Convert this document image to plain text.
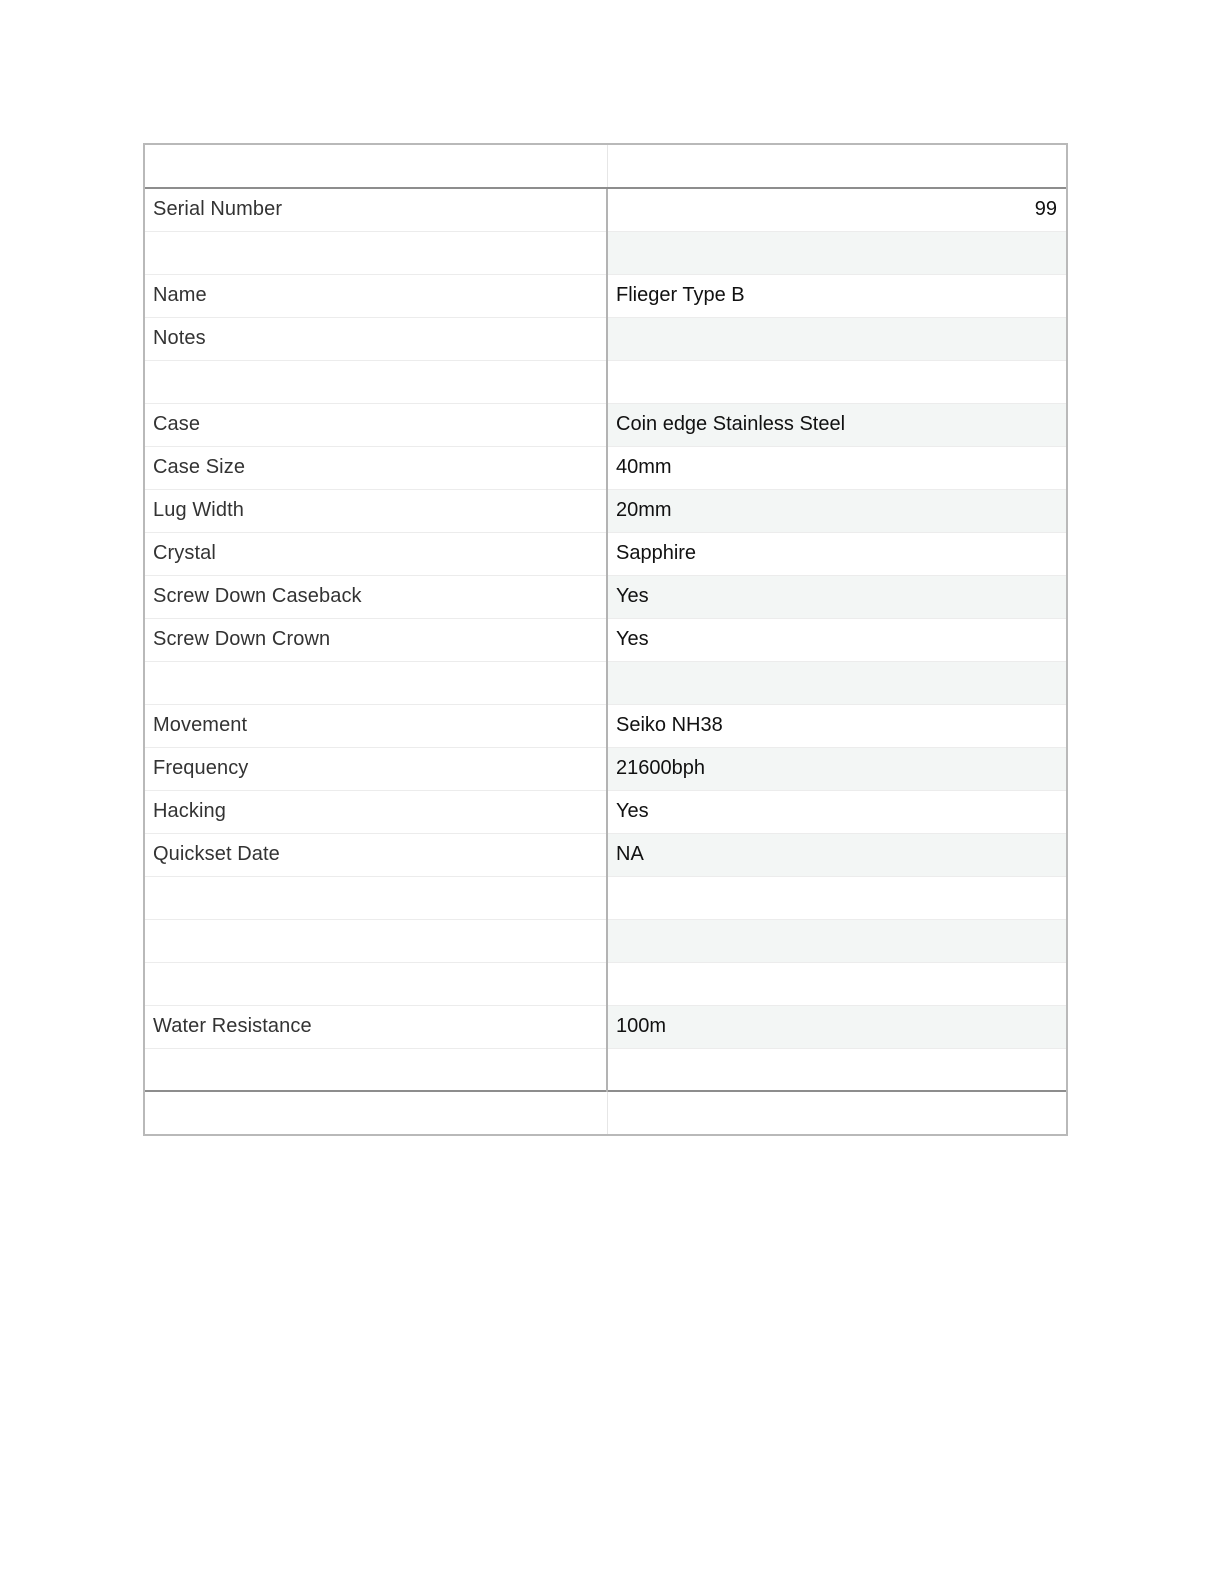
Serial Number	99

Name	Flieger Type B
Notes	

Case	Coin edge Stainless Steel
Case Size	40mm
Lug Width	20mm
Crystal	Sapphire
Screw Down Caseback	Yes
Screw Down Crown	Yes

Movement	Seiko NH38
Frequency	21600bph
Hacking	Yes
Quickset Date	NA

Water Resistance	100m
